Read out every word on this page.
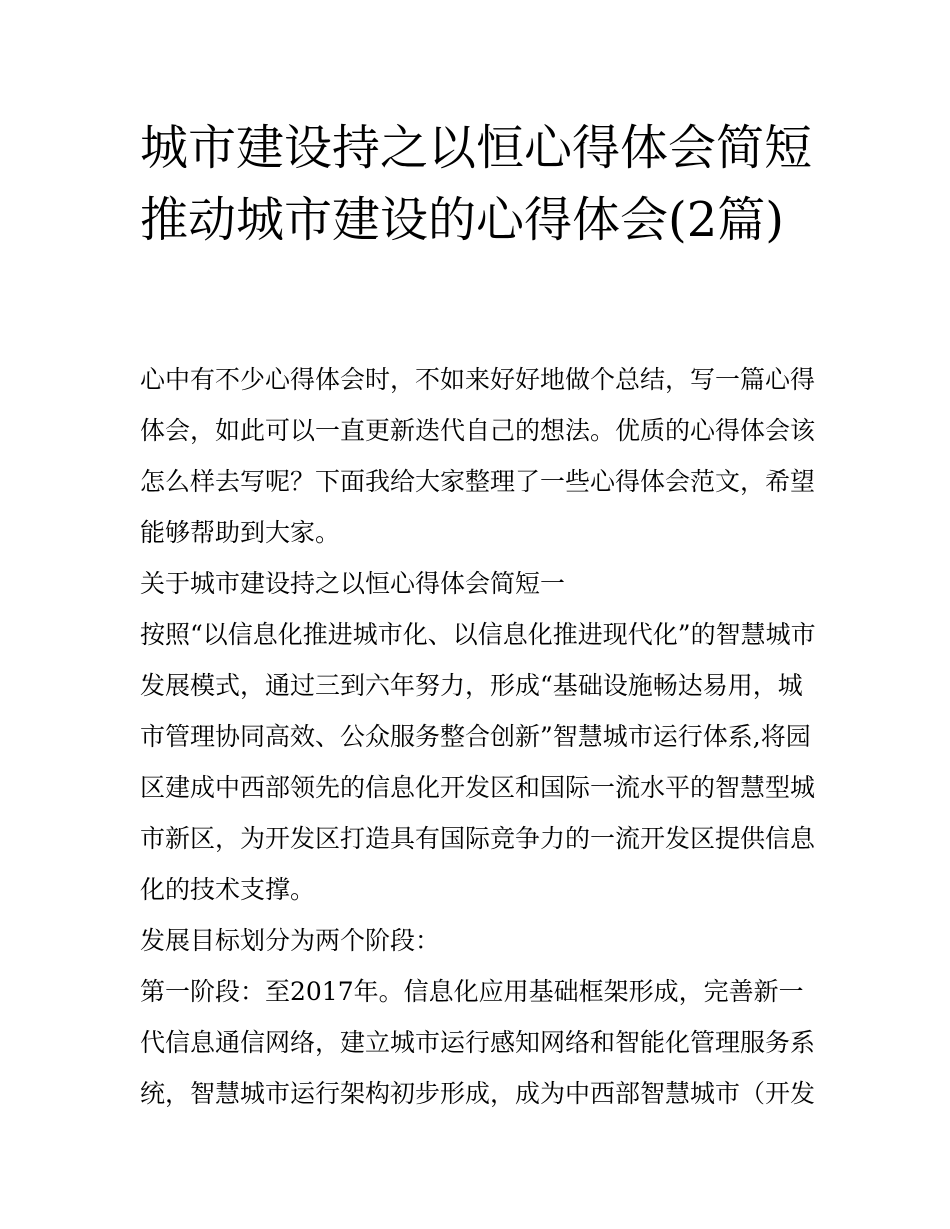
城市建设持之以恒心得体会简短 推动城市建设的心得体会(2篇)

心中有不少心得体会时，不如来好好地做个总结，写一篇心得体会，如此可以一直更新迭代自己的想法。优质的心得体会该怎么样去写呢？下面我给大家整理了一些心得体会范文，希望能够帮助到大家。

关于城市建设持之以恒心得体会简短一

按照“以信息化推进城市化、以信息化推进现代化”的智慧城市发展模式，通过三到六年努力，形成“基础设施畅达易用，城市管理协同高效、公众服务整合创新”智慧城市运行体系,将园区建成中西部领先的信息化开发区和国际一流水平的智慧型城市新区，为开发区打造具有国际竞争力的一流开发区提供信息化的技术支撑。

发展目标划分为两个阶段：

第一阶段：至2017年。信息化应用基础框架形成，完善新一代信息通信网络，建立城市运行感知网络和智能化管理服务系统，智慧城市运行架构初步形成，成为中西部智慧城市（开发
